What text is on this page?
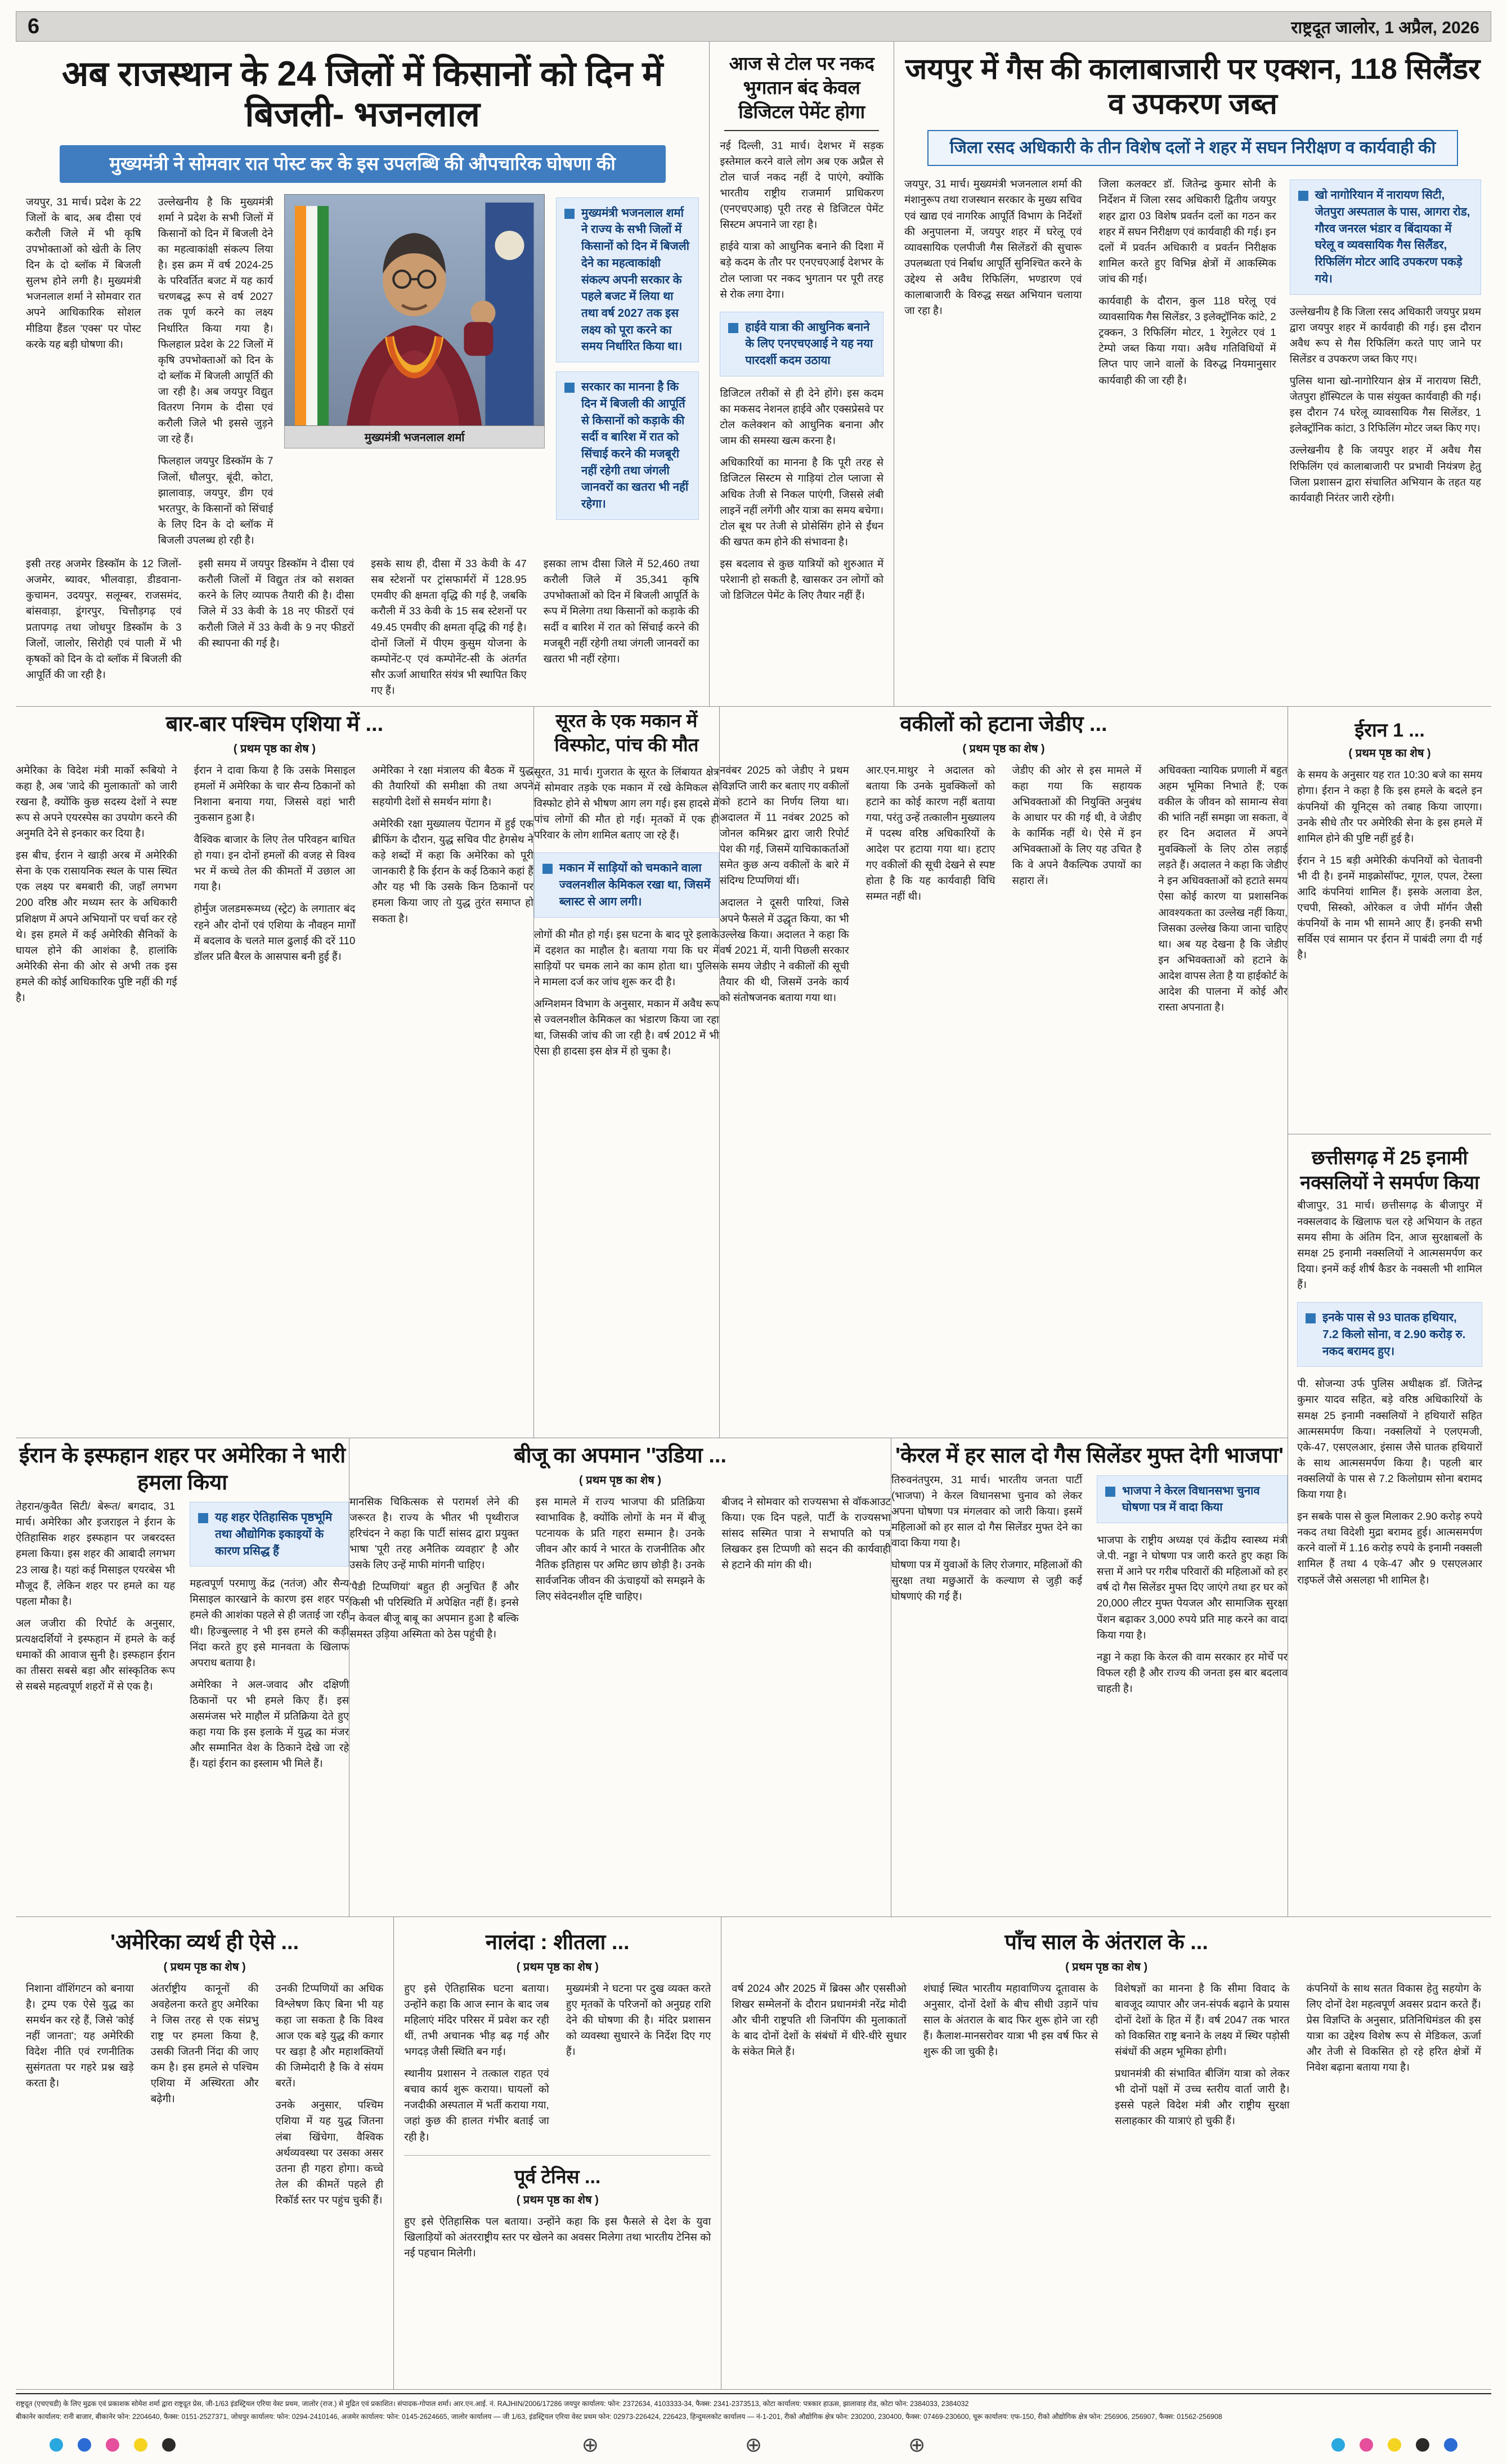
6	राष्ट्रदूत जालोर, 1 अप्रैल, 2026
अब राजस्थान के 24 जिलों में किसानों को दिन में बिजली- भजनलाल
मुख्यमंत्री ने सोमवार रात पोस्ट कर के इस उपलब्धि की औपचारिक घोषणा की

जयपुर, 31 मार्च। प्रदेश के 22 जिलों के बाद, अब दीसा एवं करौली जिले में भी कृषि उपभोक्ताओं को खेती के लिए दिन के दो ब्लॉक में बिजली सुलभ होने लगी है। मुख्यमंत्री भजनलाल शर्मा ने सोमवार रात अपने आधिकारिक सोशल मीडिया हैंडल 'एक्स' पर पोस्ट करके यह बड़ी घोषणा की।

उल्लेखनीय है कि मुख्यमंत्री शर्मा ने प्रदेश के सभी जिलों में किसानों को दिन में बिजली देने का महत्वाकांक्षी संकल्प लिया है। इस क्रम में वर्ष 2024-25 के परिवर्तित बजट में यह कार्य चरणबद्ध रूप से वर्ष 2027 तक पूर्ण करने का लक्ष्य निर्धारित किया गया है। फिलहाल प्रदेश के 22 जिलों में कृषि उपभोक्ताओं को दिन के दो ब्लॉक में बिजली आपूर्ति की जा रही है। अब जयपुर विद्युत वितरण निगम के दीसा एवं करौली जिले भी इससे जुड़ने जा रहे हैं।

फिलहाल जयपुर डिस्कॉम के 7 जिलों, धौलपुर, बूंदी, कोटा, झालावाड़, जयपुर, डीग एवं भरतपुर, के किसानों को सिंचाई के लिए दिन के दो ब्लॉक में बिजली उपलब्ध हो रही है।

मुख्यमंत्री भजनलाल शर्मा

मुख्यमंत्री भजनलाल शर्मा ने राज्य के सभी जिलों में किसानों को दिन में बिजली देने का महत्वाकांक्षी संकल्प अपनी सरकार के पहले बजट में लिया था तथा वर्ष 2027 तक इस लक्ष्य को पूरा करने का समय निर्धारित किया था।

सरकार का मानना है कि दिन में बिजली की आपूर्ति से किसानों को कड़ाके की सर्दी व बारिश में रात को सिंचाई करने की मजबूरी नहीं रहेगी तथा जंगली जानवरों का खतरा भी नहीं रहेगा।

इसी तरह अजमेर डिस्कॉम के 12 जिलों-अजमेर, ब्यावर, भीलवाड़ा, डीडवाना-कुचामन, उदयपुर, सलूम्बर, राजसमंद, बांसवाड़ा, डूंगरपुर, चित्तौड़गढ़ एवं प्रतापगढ़ तथा जोधपुर डिस्कॉम के 3 जिलों, जालोर, सिरोही एवं पाली में भी कृषकों को दिन के दो ब्लॉक में बिजली की आपूर्ति की जा रही है।

इसी समय में जयपुर डिस्कॉम ने दीसा एवं करौली जिलों में विद्युत तंत्र को सशक्त करने के लिए व्यापक तैयारी की है। दीसा जिले में 33 केवी के 18 नए फीडरों एवं करौली जिले में 33 केवी के 9 नए फीडरों की स्थापना की गई है।

इसके साथ ही, दीसा में 33 केवी के 47 सब स्टेशनों पर ट्रांसफार्मरों में 128.95 एमवीए की क्षमता वृद्धि की गई है, जबकि करौली में 33 केवी के 15 सब स्टेशनों पर 49.45 एमवीए की क्षमता वृद्धि की गई है। दोनों जिलों में पीएम कुसुम योजना के कम्पोनेंट-ए एवं कम्पोनेंट-सी के अंतर्गत सौर ऊर्जा आधारित संयंत्र भी स्थापित किए गए हैं।

इसका लाभ दीसा जिले में 52,460 तथा करौली जिले में 35,341 कृषि उपभोक्ताओं को दिन में बिजली आपूर्ति के रूप में मिलेगा तथा किसानों को कड़ाके की सर्दी व बारिश में रात को सिंचाई करने की मजबूरी नहीं रहेगी तथा जंगली जानवरों का खतरा भी नहीं रहेगा।

आज से टोल पर नकद भुगतान बंद केवल डिजिटल पेमेंट होगा

नई दिल्ली, 31 मार्च। देशभर में सड़क इस्तेमाल करने वाले लोग अब एक अप्रैल से टोल चार्ज नकद नहीं दे पाएंगे, क्योंकि भारतीय राष्ट्रीय राजमार्ग प्राधिकरण (एनएचएआइ) पूरी तरह से डिजिटल पेमेंट सिस्टम अपनाने जा रहा है।

हाईवे यात्रा को आधुनिक बनाने की दिशा में बड़े कदम के तौर पर एनएचएआई देशभर के टोल प्लाजा पर नकद भुगतान पर पूरी तरह से रोक लगा देगा।

हाईवे यात्रा की आधुनिक बनाने के लिए एनएचएआई ने यह नया पारदर्शी कदम उठाया

डिजिटल तरीकों से ही देने होंगे। इस कदम का मकसद नेशनल हाईवे और एक्सप्रेसवे पर टोल कलेक्शन को आधुनिक बनाना और जाम की समस्या खत्म करना है।

अधिकारियों का मानना है कि पूरी तरह से डिजिटल सिस्टम से गाड़ियां टोल प्लाजा से अधिक तेजी से निकल पाएंगी, जिससे लंबी लाइनें नहीं लगेंगी और यात्रा का समय बचेगा। टोल बूथ पर तेजी से प्रोसेसिंग होने से ईंधन की खपत कम होने की संभावना है।

इस बदलाव से कुछ यात्रियों को शुरुआत में परेशानी हो सकती है, खासकर उन लोगों को जो डिजिटल पेमेंट के लिए तैयार नहीं हैं।

जयपुर में गैस की कालाबाजारी पर एक्शन, 118 सिलैंडर व उपकरण जब्त
जिला रसद अधिकारी के तीन विशेष दलों ने शहर में सघन निरीक्षण व कार्यवाही की

जयपुर, 31 मार्च। मुख्यमंत्री भजनलाल शर्मा की मंशानुरूप तथा राजस्थान सरकार के मुख्य सचिव एवं खाद्य एवं नागरिक आपूर्ति विभाग के निर्देशों की अनुपालना में, जयपुर शहर में घरेलू एवं व्यावसायिक एलपीजी गैस सिलेंडरों की सुचारू उपलब्धता एवं निर्बाध आपूर्ति सुनिश्चित करने के उद्देश्य से अवैध रिफिलिंग, भण्डारण एवं कालाबाजारी के विरुद्ध सख्त अभियान चलाया जा रहा है।

जिला कलक्टर डॉ. जितेन्द्र कुमार सोनी के निर्देशन में जिला रसद अधिकारी द्वितीय जयपुर शहर द्वारा 03 विशेष प्रवर्तन दलों का गठन कर शहर में सघन निरीक्षण एवं कार्यवाही की गई। इन दलों में प्रवर्तन अधिकारी व प्रवर्तन निरीक्षक शामिल करते हुए विभिन्न क्षेत्रों में आकस्मिक जांच की गई।

कार्यवाही के दौरान, कुल 118 घरेलू एवं व्यावसायिक गैस सिलेंडर, 3 इलेक्ट्रॉनिक कांटे, 2 ट्रक्कन, 3 रिफिलिंग मोटर, 1 रेगुलेटर एवं 1 टेम्पो जब्त किया गया। अवैध गतिविधियों में लिप्त पाए जाने वालों के विरुद्ध नियमानुसार कार्यवाही की जा रही है।

खो नागोरियान में नारायण सिटी, जेतपुरा अस्पताल के पास, आगरा रोड, गौरव जनरल भंडार व बिंदायका में घरेलू व व्यवसायिक गैस सिलैंडर, रिफिलिंग मोटर आदि उपकरण पकड़े गये।

उल्लेखनीय है कि जिला रसद अधिकारी जयपुर प्रथम द्वारा जयपुर शहर में कार्यवाही की गई। इस दौरान अवैध रूप से गैस रिफिलिंग करते पाए जाने पर सिलेंडर व उपकरण जब्त किए गए।

पुलिस थाना खो-नागोरियान क्षेत्र में नारायण सिटी, जेतपुरा हॉस्पिटल के पास संयुक्त कार्यवाही की गई। इस दौरान 74 घरेलू व्यावसायिक गैस सिलेंडर, 1 इलेक्ट्रॉनिक कांटा, 3 रिफिलिंग मोटर जब्त किए गए।

उल्लेखनीय है कि जयपुर शहर में अवैध गैस रिफिलिंग एवं कालाबाजारी पर प्रभावी नियंत्रण हेतु जिला प्रशासन द्वारा संचालित अभियान के तहत यह कार्यवाही निरंतर जारी रहेगी।

बार-बार पश्चिम एशिया में ...
( प्रथम पृष्ठ का शेष )

अमेरिका के विदेश मंत्री मार्को रूबियो ने कहा है, अब 'जादे की मुलाकातों' को जारी रखना है, क्योंकि कुछ सदस्य देशों ने स्पष्ट रूप से अपने एयरस्पेस का उपयोग करने की अनुमति देने से इनकार कर दिया है।

इस बीच, ईरान ने खाड़ी अरब में अमेरिकी सेना के एक रासायनिक स्थल के पास स्थित एक लक्ष्य पर बमबारी की, जहाँ लगभग 200 वरिष्ठ और मध्यम स्तर के अधिकारी प्रशिक्षण में अपने अभियानों पर चर्चा कर रहे थे। इस हमले में कई अमेरिकी सैनिकों के घायल होने की आशंका है, हालांकि अमेरिकी सेना की ओर से अभी तक इस हमले की कोई आधिकारिक पुष्टि नहीं की गई है।

ईरान ने दावा किया है कि उसके मिसाइल हमलों में अमेरिका के चार सैन्य ठिकानों को निशाना बनाया गया, जिससे वहां भारी नुकसान हुआ है।

वैश्विक बाजार के लिए तेल परिवहन बाधित हो गया। इन दोनों हमलों की वजह से विश्व भर में कच्चे तेल की कीमतों में उछाल आ गया है।

होर्मुज जलडमरूमध्य (स्ट्रेट) के लगातार बंद रहने और दोनों एवं एशिया के नौवहन मार्गों में बदलाव के चलते माल ढुलाई की दरें 110 डॉलर प्रति बैरल के आसपास बनी हुई हैं।

अमेरिका ने रक्षा मंत्रालय की बैठक में युद्ध की तैयारियों की समीक्षा की तथा अपने सहयोगी देशों से समर्थन मांगा है।

अमेरिकी रक्षा मुख्यालय पेंटागन में हुई एक ब्रीफिंग के दौरान, युद्ध सचिव पीट हेगसेथ ने कड़े शब्दों में कहा कि अमेरिका को पूरी जानकारी है कि ईरान के कई ठिकाने कहां हैं और यह भी कि उसके किन ठिकानों पर हमला किया जाए तो युद्ध तुरंत समाप्त हो सकता है।

सूरत के एक मकान में विस्फोट, पांच की मौत

सूरत, 31 मार्च। गुजरात के सूरत के लिंबायत क्षेत्र में सोमवार तड़के एक मकान में रखे केमिकल से विस्फोट होने से भीषण आग लग गई। इस हादसे में पांच लोगों की मौत हो गई। मृतकों में एक ही परिवार के लोग शामिल बताए जा रहे हैं।

मकान में साड़ियों को चमकाने वाला ज्वलनशील केमिकल रखा था, जिसमें ब्लास्ट से आग लगी।

लोगों की मौत हो गई। इस घटना के बाद पूरे इलाके में दहशत का माहौल है। बताया गया कि घर में साड़ियों पर चमक लाने का काम होता था। पुलिस ने मामला दर्ज कर जांच शुरू कर दी है।

अग्निशमन विभाग के अनुसार, मकान में अवैध रूप से ज्वलनशील केमिकल का भंडारण किया जा रहा था, जिसकी जांच की जा रही है। वर्ष 2012 में भी ऐसा ही हादसा इस क्षेत्र में हो चुका है।

वकीलों को हटाना जेडीए ...
( प्रथम पृष्ठ का शेष )

नवंबर 2025 को जेडीए ने प्रथम विज्ञप्ति जारी कर बताए गए वकीलों को हटाने का निर्णय लिया था। अदालत में 11 नवंबर 2025 को जोनल कमिश्नर द्वारा जारी रिपोर्ट पेश की गई, जिसमें याचिकाकर्ताओं समेत कुछ अन्य वकीलों के बारे में संदिग्ध टिप्पणियां थीं।

अदालत ने दूसरी पारियां, जिसे अपने फैसले में उद्धृत किया, का भी उल्लेख किया। अदालत ने कहा कि वर्ष 2021 में, यानी पिछली सरकार के समय जेडीए ने वकीलों की सूची तैयार की थी, जिसमें उनके कार्य को संतोषजनक बताया गया था।

आर.एन.माथुर ने अदालत को बताया कि उनके मुवक्किलों को हटाने का कोई कारण नहीं बताया गया, परंतु उन्हें तत्कालीन मुख्यालय में पदस्थ वरिष्ठ अधिकारियों के आदेश पर हटाया गया था। हटाए गए वकीलों की सूची देखने से स्पष्ट होता है कि यह कार्यवाही विधि सम्मत नहीं थी।

जेडीए की ओर से इस मामले में कहा गया कि सहायक अभिवक्ताओं की नियुक्ति अनुबंध के आधार पर की गई थी, वे जेडीए के कार्मिक नहीं थे। ऐसे में इन अभिवक्ताओं के लिए यह उचित है कि वे अपने वैकल्पिक उपायों का सहारा लें।

अधिवक्ता न्यायिक प्रणाली में बहुत अहम भूमिका निभाते हैं; एक वकील के जीवन को सामान्य सेवा की भांति नहीं समझा जा सकता, वे हर दिन अदालत में अपने मुवक्किलों के लिए ठोस लड़ाई लड़ते हैं। अदालत ने कहा कि जेडीए ने इन अधिवक्ताओं को हटाते समय ऐसा कोई कारण या प्रशासनिक आवश्यकता का उल्लेख नहीं किया, जिसका उल्लेख किया जाना चाहिए था। अब यह देखना है कि जेडीए इन अभिवक्ताओं को हटाने के आदेश वापस लेता है या हाईकोर्ट के आदेश की पालना में कोई और रास्ता अपनाता है।

ईरान के इस्फहान शहर पर अमेरिका ने भारी हमला किया

तेहरान/कुवैत सिटी/ बेरूत/ बगदाद, 31 मार्च। अमेरिका और इजराइल ने ईरान के ऐतिहासिक शहर इस्फहान पर जबरदस्त हमला किया। इस शहर की आबादी लगभग 23 लाख है। यहां कई मिसाइल एयरबेस भी मौजूद हैं, लेकिन शहर पर हमले का यह पहला मौका है।

अल जजीरा की रिपोर्ट के अनुसार, प्रत्यक्षदर्शियों ने इस्फहान में हमले के कई धमाकों की आवाज सुनी है। इस्फहान ईरान का तीसरा सबसे बड़ा और सांस्कृतिक रूप से सबसे महत्वपूर्ण शहरों में से एक है।

यह शहर ऐतिहासिक पृष्ठभूमि तथा औद्योगिक इकाइयों के कारण प्रसिद्ध हैं

महत्वपूर्ण परमाणु केंद्र (नतंज) और सैन्य मिसाइल कारखाने के कारण इस शहर पर हमले की आशंका पहले से ही जताई जा रही थी। हिज्बुल्लाह ने भी इस हमले की कड़ी निंदा करते हुए इसे मानवता के खिलाफ अपराध बताया है।

अमेरिका ने अल-जवाद और दक्षिणी ठिकानों पर भी हमले किए हैं। इस असमंजस भरे माहौल में प्रतिक्रिया देते हुए कहा गया कि इस इलाके में युद्ध का मंजर और सम्मानित वेश के ठिकाने देखे जा रहे हैं। यहां ईरान का इस्लाम भी मिले हैं।

बीजू का अपमान ''उडिया ...
( प्रथम पृष्ठ का शेष )

मानसिक चिकित्सक से परामर्श लेने की जरूरत है। राज्य के भीतर भी पृथ्वीराज हरिचंदन ने कहा कि पार्टी सांसद द्वारा प्रयुक्त भाषा 'पूरी तरह अनैतिक व्यवहार' है और उसके लिए उन्हें माफी मांगनी चाहिए।

'पैडी टिप्पणियां' बहुत ही अनुचित हैं और किसी भी परिस्थिति में अपेक्षित नहीं हैं। इनसे न केवल बीजू बाबू का अपमान हुआ है बल्कि समस्त उड़िया अस्मिता को ठेस पहुंची है।

इस मामले में राज्य भाजपा की प्रतिक्रिया स्वाभाविक है, क्योंकि लोगों के मन में बीजू पटनायक के प्रति गहरा सम्मान है। उनके जीवन और कार्य ने भारत के राजनीतिक और नैतिक इतिहास पर अमिट छाप छोड़ी है। उनके सार्वजनिक जीवन की ऊंचाइयों को समझने के लिए संवेदनशील दृष्टि चाहिए।

बीजद ने सोमवार को राज्यसभा से वॉकआउट किया। एक दिन पहले, पार्टी के राज्यसभा सांसद सस्मित पात्रा ने सभापति को पत्र लिखकर इस टिप्पणी को सदन की कार्यवाही से हटाने की मांग की थी।

'केरल में हर साल दो गैस सिलेंडर मुफ्त देगी भाजपा'

तिरुवनंतपुरम, 31 मार्च। भारतीय जनता पार्टी (भाजपा) ने केरल विधानसभा चुनाव को लेकर अपना घोषणा पत्र मंगलवार को जारी किया। इसमें महिलाओं को हर साल दो गैस सिलेंडर मुफ्त देने का वादा किया गया है।

घोषणा पत्र में युवाओं के लिए रोजगार, महिलाओं की सुरक्षा तथा मछुआरों के कल्याण से जुड़ी कई घोषणाएं की गई हैं।

भाजपा ने केरल विधानसभा चुनाव घोषणा पत्र में वादा किया

भाजपा के राष्ट्रीय अध्यक्ष एवं केंद्रीय स्वास्थ्य मंत्री जे.पी. नड्डा ने घोषणा पत्र जारी करते हुए कहा कि सत्ता में आने पर गरीब परिवारों की महिलाओं को हर वर्ष दो गैस सिलेंडर मुफ्त दिए जाएंगे तथा हर घर को 20,000 लीटर मुफ्त पेयजल और सामाजिक सुरक्षा पेंशन बढ़ाकर 3,000 रुपये प्रति माह करने का वादा किया गया है।

नड्डा ने कहा कि केरल की वाम सरकार हर मोर्चे पर विफल रही है और राज्य की जनता इस बार बदलाव चाहती है।

ईरान 1 ...
( प्रथम पृष्ठ का शेष )

के समय के अनुसार यह रात 10:30 बजे का समय होगा। ईरान ने कहा है कि इस हमले के बदले इन कंपनियों की यूनिट्स को तबाह किया जाएगा। उनके सीधे तौर पर अमेरिकी सेना के इस हमले में शामिल होने की पुष्टि नहीं हुई है।

ईरान ने 15 बड़ी अमेरिकी कंपनियों को चेतावनी भी दी है। इनमें माइक्रोसॉफ्ट, गूगल, एपल, टेस्ला आदि कंपनियां शामिल हैं। इसके अलावा डेल, एचपी, सिस्को, ओरेकल व जेपी मॉर्गन जैसी कंपनियों के नाम भी सामने आए हैं। इनकी सभी सर्विस एवं सामान पर ईरान में पाबंदी लगा दी गई है।

छत्तीसगढ़ में 25 इनामी नक्सलियों ने समर्पण किया

बीजापुर, 31 मार्च। छत्तीसगढ़ के बीजापुर में नक्सलवाद के खिलाफ चल रहे अभियान के तहत समय सीमा के अंतिम दिन, आज सुरक्षाबलों के समक्ष 25 इनामी नक्सलियों ने आत्मसमर्पण कर दिया। इनमें कई शीर्ष कैडर के नक्सली भी शामिल हैं।

इनके पास से 93 घातक हथियार, 7.2 किलो सोना, व 2.90 करोड़ रु. नकद बरामद हुए।

पी. सोजन्या उर्फ पुलिस अधीक्षक डॉ. जितेन्द्र कुमार यादव सहित, बड़े वरिष्ठ अधिकारियों के समक्ष 25 इनामी नक्सलियों ने हथियारों सहित आत्मसमर्पण किया। नक्सलियों ने एलएमजी, एके-47, एसएलआर, इंसास जैसे घातक हथियारों के साथ आत्मसमर्पण किया है। पहली बार नक्सलियों के पास से 7.2 किलोग्राम सोना बरामद किया गया है।

इन सबके पास से कुल मिलाकर 2.90 करोड़ रुपये नकद तथा विदेशी मुद्रा बरामद हुई। आत्मसमर्पण करने वालों में 1.16 करोड़ रुपये के इनामी नक्सली शामिल हैं तथा 4 एके-47 और 9 एसएलआर राइफलें जैसे असलहा भी शामिल है।

'अमेरिका व्यर्थ ही ऐसे ...
( प्रथम पृष्ठ का शेष )

निशाना वॉशिंगटन को बनाया है। ट्रम्प एक ऐसे युद्ध का समर्थन कर रहे हैं, जिसे 'कोई नहीं जानता'; यह अमेरिकी विदेश नीति एवं रणनीतिक सुसंगतता पर गहरे प्रश्न खड़े करता है।

अंतर्राष्ट्रीय कानूनों की अवहेलना करते हुए अमेरिका ने जिस तरह से एक संप्रभु राष्ट्र पर हमला किया है, उसकी जितनी निंदा की जाए कम है। इस हमले से पश्चिम एशिया में अस्थिरता और बढ़ेगी।

उनकी टिप्पणियों का अधिक विश्लेषण किए बिना भी यह कहा जा सकता है कि विश्व आज एक बड़े युद्ध की कगार पर खड़ा है और महाशक्तियों की जिम्मेदारी है कि वे संयम बरतें।

उनके अनुसार, पश्चिम एशिया में यह युद्ध जितना लंबा खिंचेगा, वैश्विक अर्थव्यवस्था पर उसका असर उतना ही गहरा होगा। कच्चे तेल की कीमतें पहले ही रिकॉर्ड स्तर पर पहुंच चुकी हैं।

नालंदा : शीतला ...
( प्रथम पृष्ठ का शेष )

हुए इसे ऐतिहासिक घटना बताया। उन्होंने कहा कि आज स्नान के बाद जब महिलाएं मंदिर परिसर में प्रवेश कर रही थीं, तभी अचानक भीड़ बढ़ गई और भगदड़ जैसी स्थिति बन गई।

स्थानीय प्रशासन ने तत्काल राहत एवं बचाव कार्य शुरू कराया। घायलों को नजदीकी अस्पताल में भर्ती कराया गया, जहां कुछ की हालत गंभीर बताई जा रही है।

मुख्यमंत्री ने घटना पर दुख व्यक्त करते हुए मृतकों के परिजनों को अनुग्रह राशि देने की घोषणा की है। मंदिर प्रशासन को व्यवस्था सुधारने के निर्देश दिए गए हैं।

पूर्व टेनिस ...
( प्रथम पृष्ठ का शेष )

हुए इसे ऐतिहासिक पल बताया। उन्होंने कहा कि इस फैसले से देश के युवा खिलाड़ियों को अंतरराष्ट्रीय स्तर पर खेलने का अवसर मिलेगा तथा भारतीय टेनिस को नई पहचान मिलेगी।

पाँच साल के अंतराल के ...
( प्रथम पृष्ठ का शेष )

वर्ष 2024 और 2025 में ब्रिक्स और एससीओ शिखर सम्मेलनों के दौरान प्रधानमंत्री नरेंद्र मोदी और चीनी राष्ट्रपति शी जिनपिंग की मुलाकातों के बाद दोनों देशों के संबंधों में धीरे-धीरे सुधार के संकेत मिले हैं।

शंघाई स्थित भारतीय महावाणिज्य दूतावास के अनुसार, दोनों देशों के बीच सीधी उड़ानें पांच साल के अंतराल के बाद फिर शुरू होने जा रही हैं। कैलाश-मानसरोवर यात्रा भी इस वर्ष फिर से शुरू की जा चुकी है।

विशेषज्ञों का मानना है कि सीमा विवाद के बावजूद व्यापार और जन-संपर्क बढ़ाने के प्रयास दोनों देशों के हित में हैं। वर्ष 2047 तक भारत को विकसित राष्ट्र बनाने के लक्ष्य में स्थिर पड़ोसी संबंधों की अहम भूमिका होगी।

प्रधानमंत्री की संभावित बीजिंग यात्रा को लेकर भी दोनों पक्षों में उच्च स्तरीय वार्ता जारी है। इससे पहले विदेश मंत्री और राष्ट्रीय सुरक्षा सलाहकार की यात्राएं हो चुकी हैं।

कंपनियों के साथ सतत विकास हेतु सहयोग के लिए दोनों देश महत्वपूर्ण अवसर प्रदान करते हैं। प्रेस विज्ञप्ति के अनुसार, प्रतिनिधिमंडल की इस यात्रा का उद्देश्य विशेष रूप से मेडिकल, ऊर्जा और तेजी से विकसित हो रहे हरित क्षेत्रों में निवेश बढ़ाना बताया गया है।

राष्ट्रदूत (एचएचडी) के लिए मुद्रक एवं प्रकाशक सोमेश शर्मा द्वारा राष्ट्रदूत प्रेस, जी-1/63 इंडस्ट्रियल एरिया वेस्ट प्रथम, जालोर (राज.) से मुद्रित एवं प्रकाशित। संपादक-गोपाल शर्मा। आर.एन.आई. नं. RAJHIN/2006/17286 जयपुर कार्यालय: फोन: 2372634, 4103333-34, फैक्स: 2341-2373513, कोटा कार्यालय: पत्रकार हाऊस, झालावाड़ रोड, कोटा फोन: 2384033, 2384032

बीकानेर कार्यालय: रानी बाजार, बीकानेर फोन: 2204640, फैक्स: 0151-2527371, जोधपुर कार्यालय: फोन: 0294-2410146, अजमेर कार्यालय: फोन: 0145-2624665, जालोर कार्यालय — जी 1/63, इंडस्ट्रियल एरिया वेस्ट प्रथम फोन: 02973-226424, 226423, हिन्दुमलकोट कार्यालय — नं-1-201, रीको औद्योगिक क्षेत्र फोन: 230200, 230400, फैक्स: 07469-230600, चूरू कार्यालय: एफ-150, रीको औद्योगिक क्षेत्र फोन: 256906, 256907, फैक्स: 01562-256908

⊕	⊕	⊕
